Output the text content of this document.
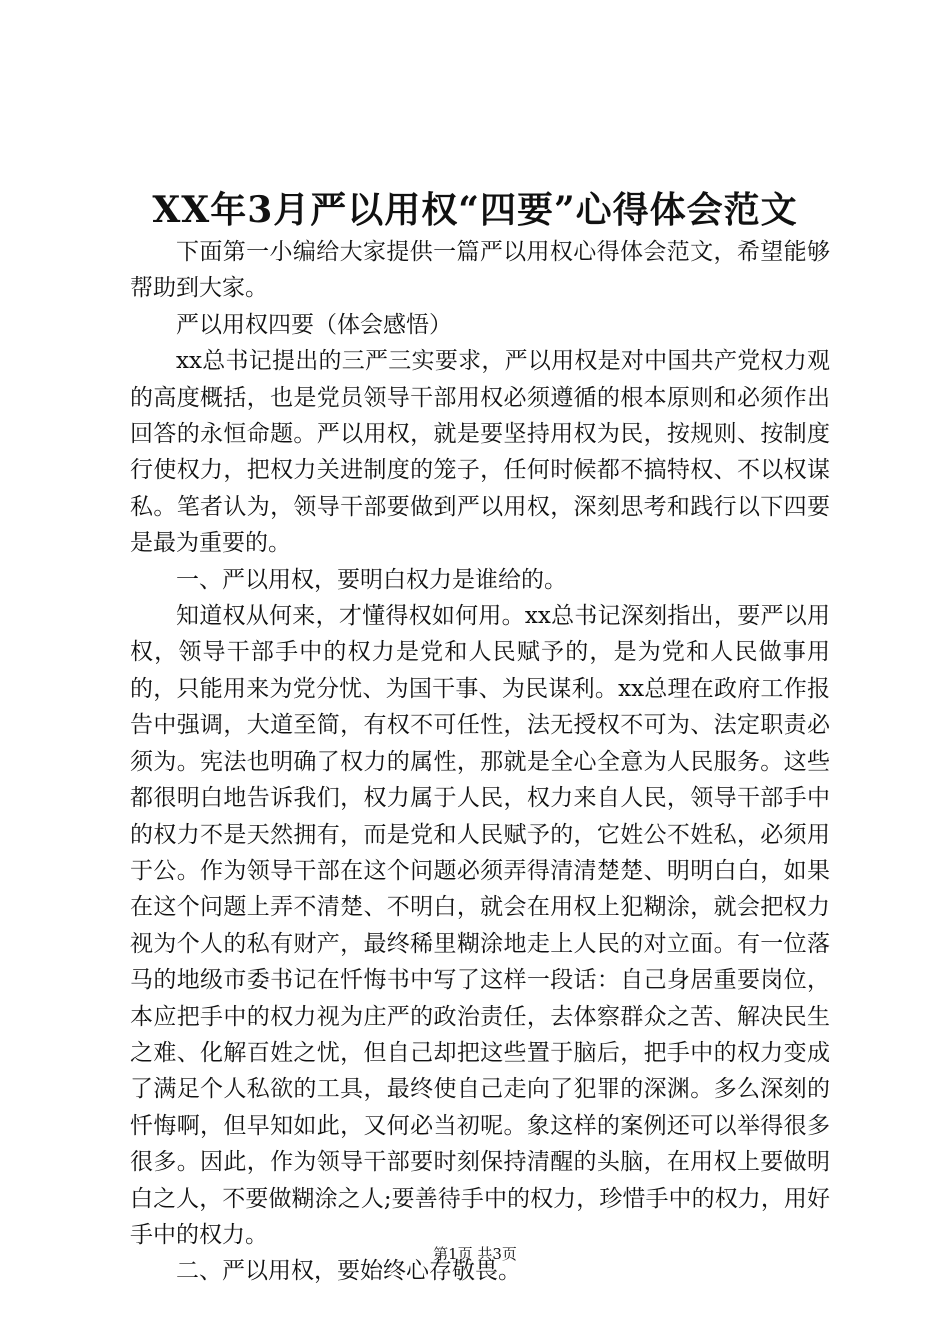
XX年3月严以用权“四要”心得体会范文

下面第一小编给大家提供一篇严以用权心得体会范文，希望能够帮助到大家。

严以用权四要（体会感悟）

xx总书记提出的三严三实要求，严以用权是对中国共产党权力观的高度概括，也是党员领导干部用权必须遵循的根本原则和必须作出回答的永恒命题。严以用权，就是要坚持用权为民，按规则、按制度行使权力，把权力关进制度的笼子，任何时候都不搞特权、不以权谋私。笔者认为，领导干部要做到严以用权，深刻思考和践行以下四要是最为重要的。

一、严以用权，要明白权力是谁给的。

知道权从何来，才懂得权如何用。xx总书记深刻指出，要严以用权，领导干部手中的权力是党和人民赋予的，是为党和人民做事用的，只能用来为党分忧、为国干事、为民谋利。xx总理在政府工作报告中强调，大道至简，有权不可任性，法无授权不可为、法定职责必须为。宪法也明确了权力的属性，那就是全心全意为人民服务。这些都很明白地告诉我们，权力属于人民，权力来自人民，领导干部手中的权力不是天然拥有，而是党和人民赋予的，它姓公不姓私，必须用于公。作为领导干部在这个问题必须弄得清清楚楚、明明白白，如果在这个问题上弄不清楚、不明白，就会在用权上犯糊涂，就会把权力视为个人的私有财产，最终稀里糊涂地走上人民的对立面。有一位落马的地级市委书记在忏悔书中写了这样一段话：自己身居重要岗位，本应把手中的权力视为庄严的政治责任，去体察群众之苦、解决民生之难、化解百姓之忧，但自己却把这些置于脑后，把手中的权力变成了满足个人私欲的工具，最终使自己走向了犯罪的深渊。多么深刻的忏悔啊，但早知如此，又何必当初呢。象这样的案例还可以举得很多很多。因此，作为领导干部要时刻保持清醒的头脑，在用权上要做明白之人，不要做糊涂之人;要善待手中的权力，珍惜手中的权力，用好手中的权力。

二、严以用权，要始终心存敬畏。

第1页 共3页
